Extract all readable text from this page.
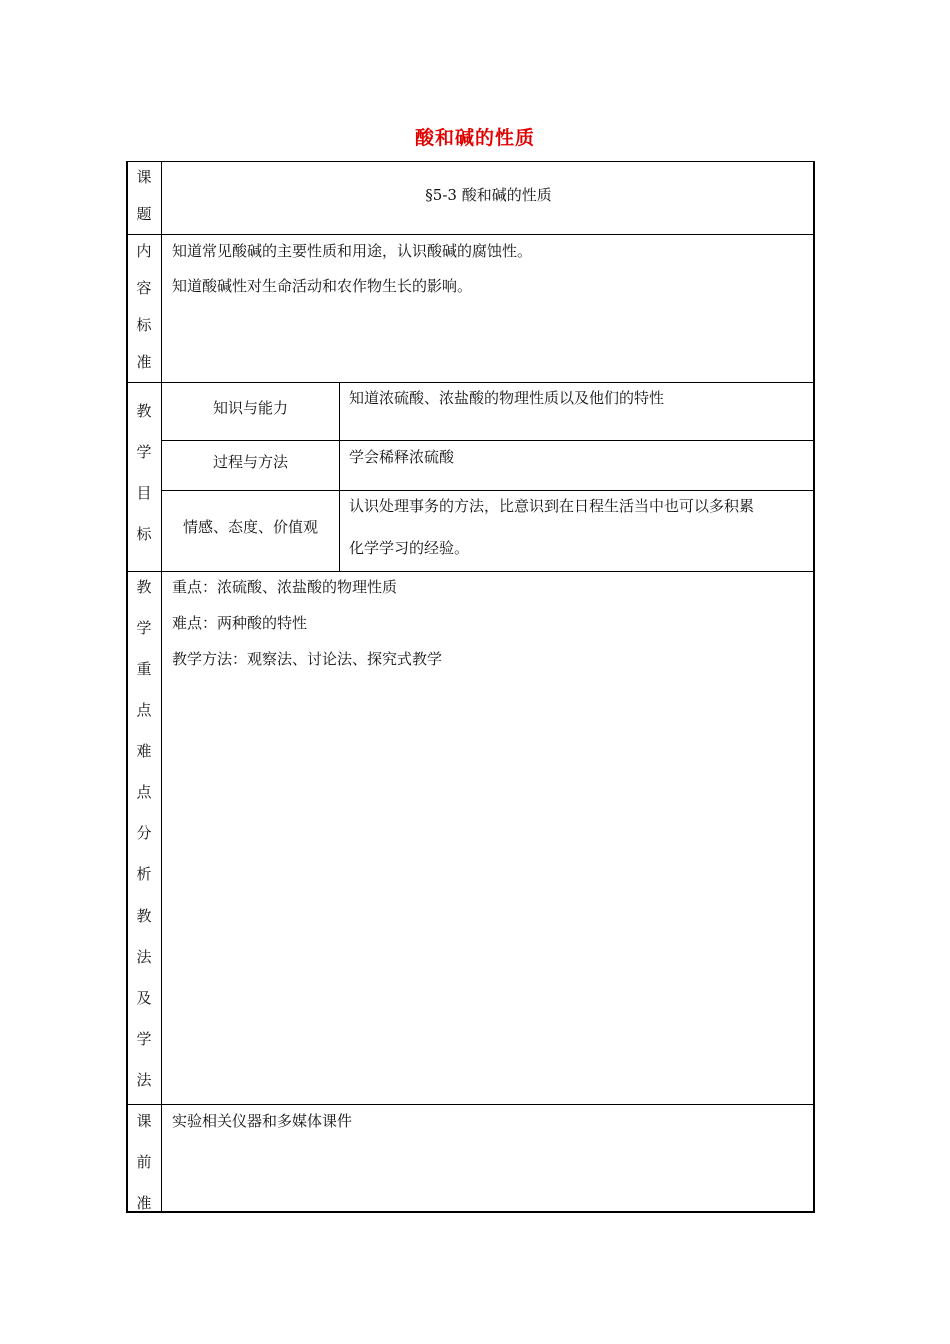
酸和碱的性质
课
题
§5-3 酸和碱的性质
内
容
标
准
知道常见酸碱的主要性质和用途，认识酸碱的腐蚀性。
知道酸碱性对生命活动和农作物生长的影响。
教
学
目
标
知识与能力
知道浓硫酸、浓盐酸的物理性质以及他们的特性
过程与方法	学会稀释浓硫酸
情感、态度、价值观
认识处理事务的方法，比意识到在日程生活当中也可以多积累
化学学习的经验。
教
学
重
点
难
点
分
析
教
法
及
学
法
重点：浓硫酸、浓盐酸的物理性质
难点：两种酸的特性
教学方法：观察法、讨论法、探究式教学
课
前
准
实验相关仪器和多媒体课件
